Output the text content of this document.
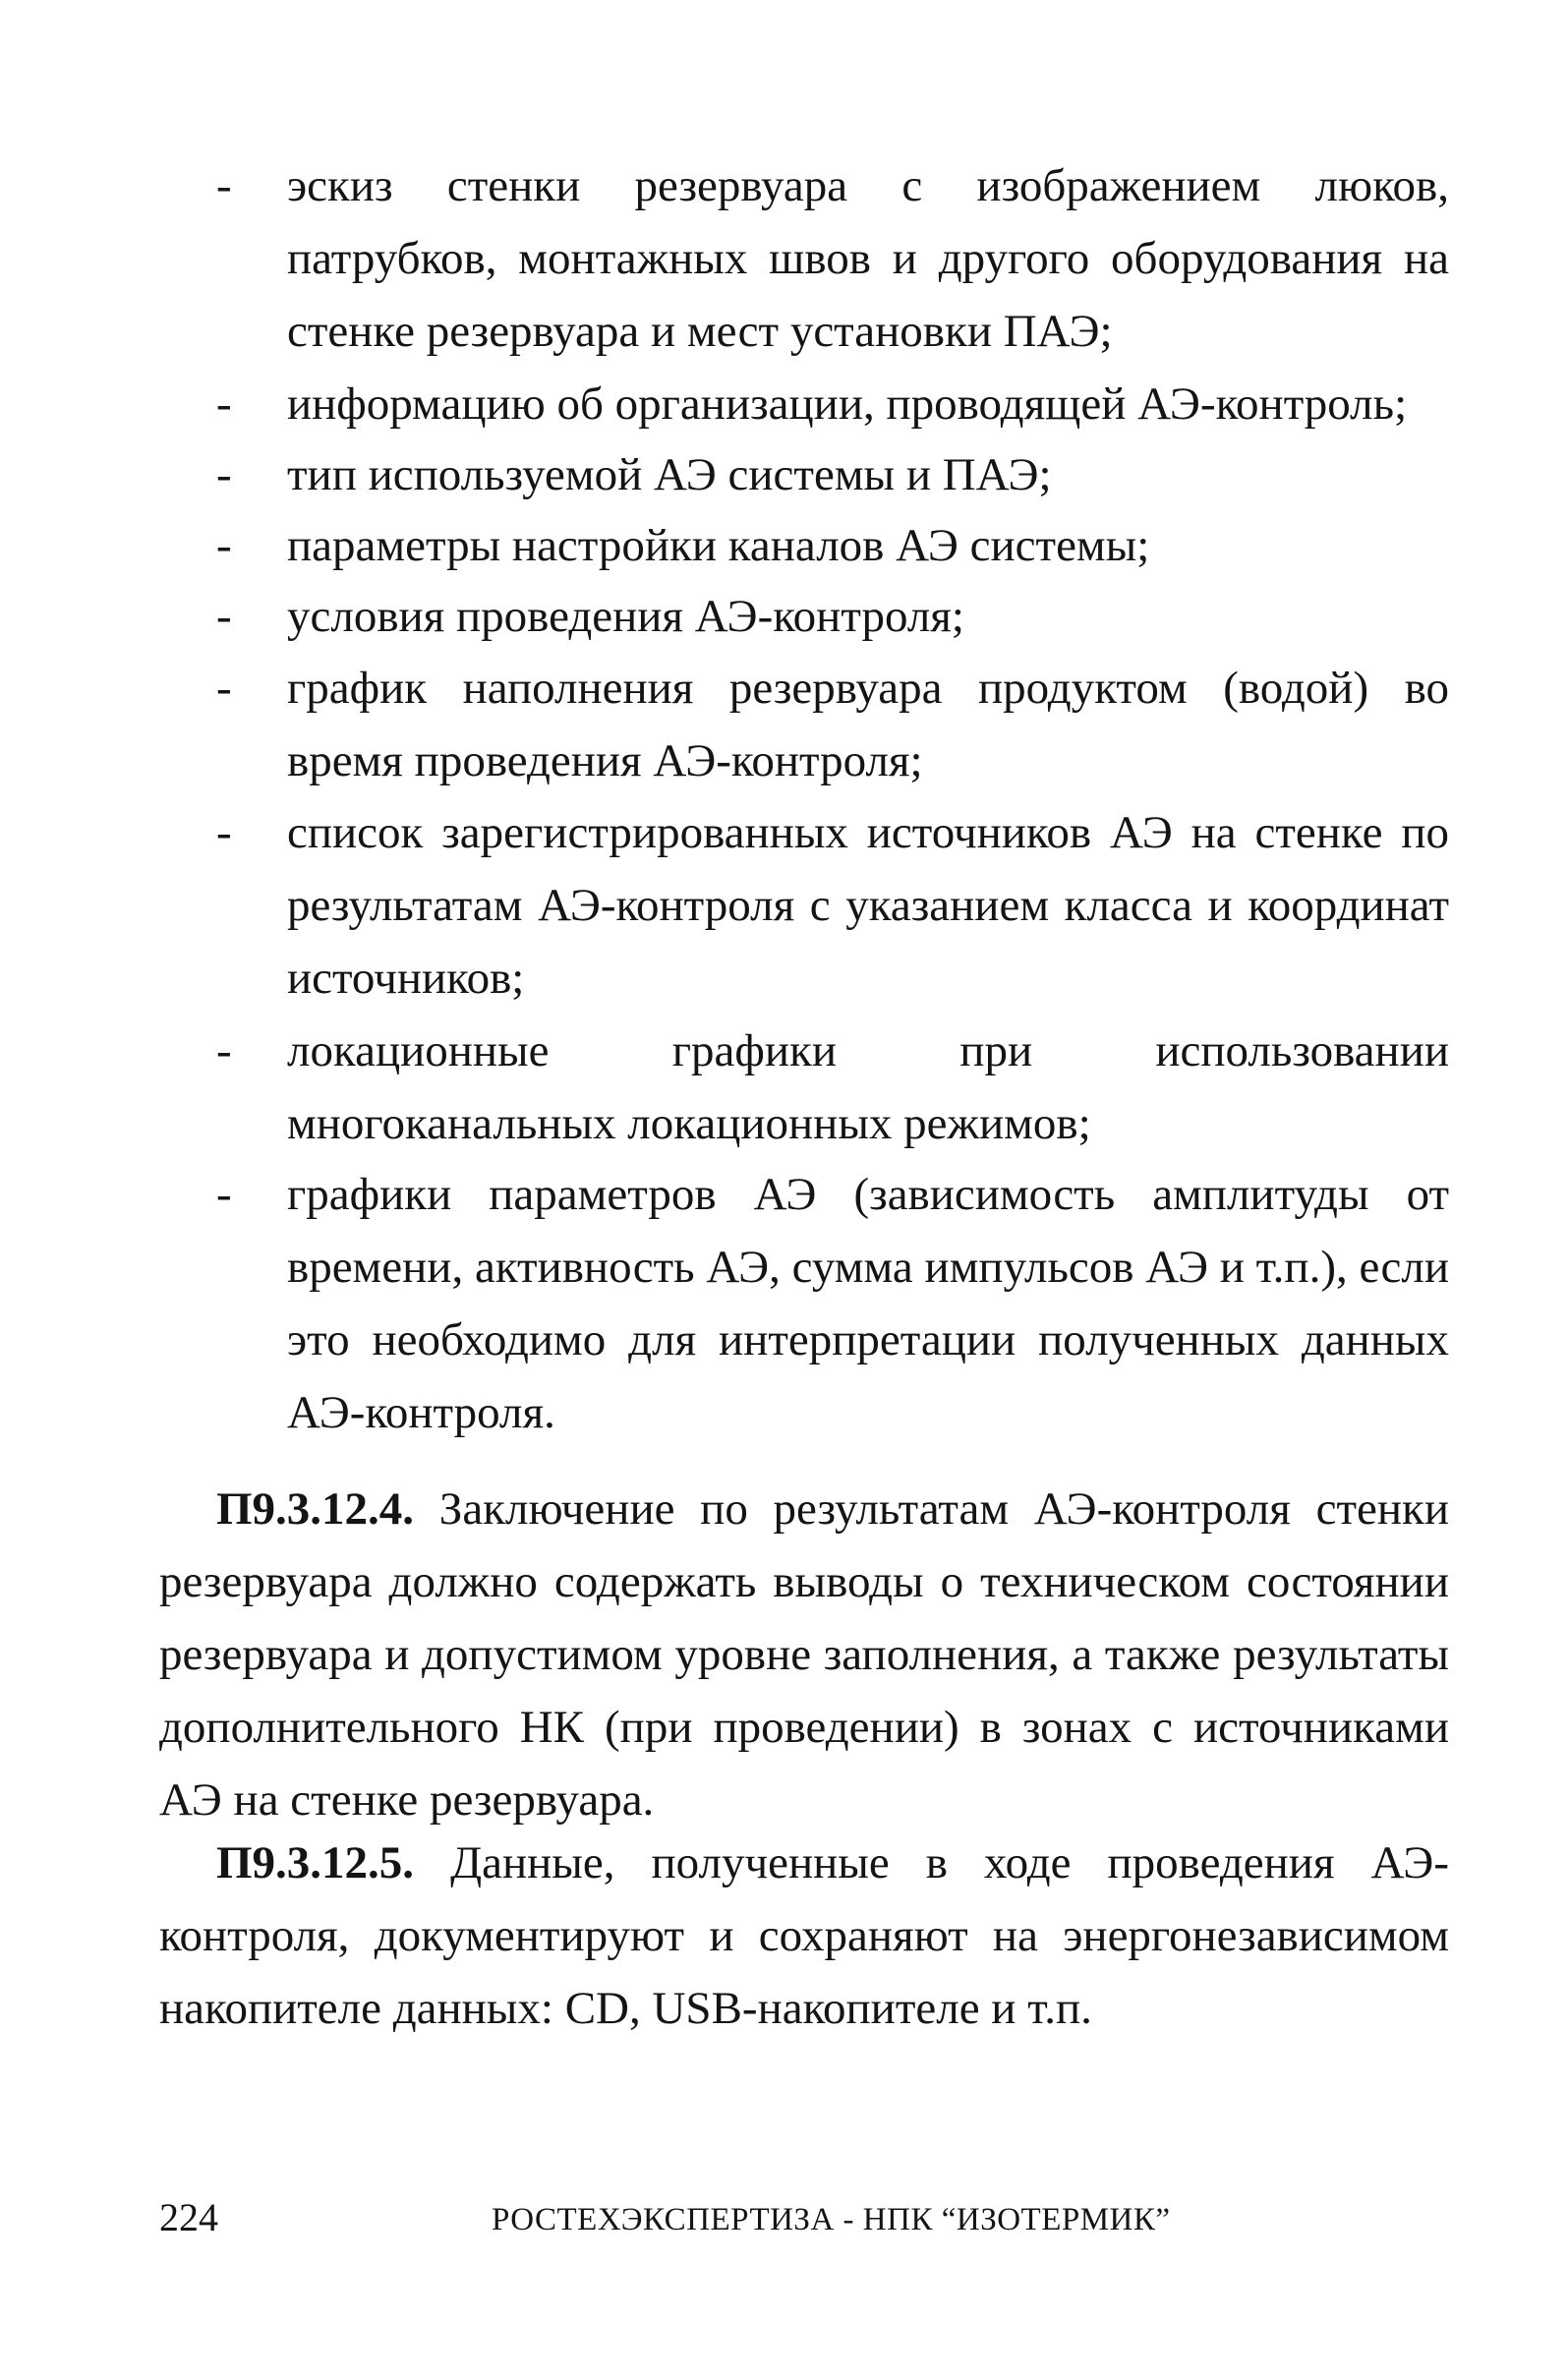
- эскиз стенки резервуара с изображением люков, патрубков, монтажных швов и другого оборудования на стенке резервуара и мест установки ПАЭ;
- информацию об организации, проводящей АЭ-контроль;
- тип используемой АЭ системы и ПАЭ;
- параметры настройки каналов АЭ системы;
- условия проведения АЭ-контроля;
- график наполнения резервуара продуктом (водой) во время проведения АЭ-контроля;
- список зарегистрированных источников АЭ на стенке по результатам АЭ-контроля с указанием класса и координат источников;
- локационные графики при использовании многоканальных локационных режимов;
- графики параметров АЭ (зависимость амплитуды от времени, активность АЭ, сумма импульсов АЭ и т.п.), если это необходимо для интерпретации полученных данных АЭ-контроля.

П9.3.12.4. Заключение по результатам АЭ-контроля стенки резервуара должно содержать выводы о техническом состоянии резервуара и допустимом уровне заполнения, а также результаты дополнительного НК (при проведении) в зонах с источниками АЭ на стенке резервуара.

П9.3.12.5. Данные, полученные в ходе проведения АЭ-контроля, документируют и сохраняют на энергонезависимом накопителе данных: CD, USB-накопителе и т.п.

224	РОСТЕХЭКСПЕРТИЗА - НПК “ИЗОТЕРМИК”
